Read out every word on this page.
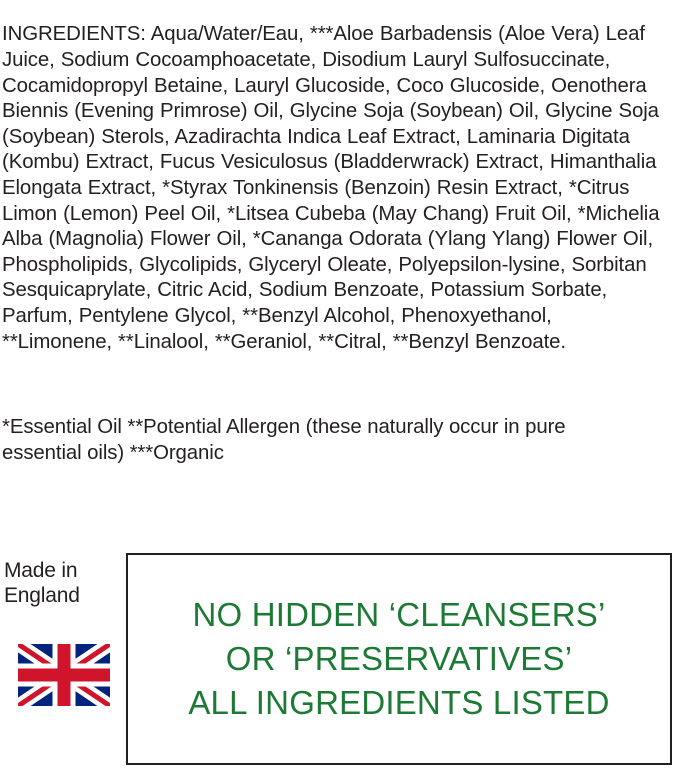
INGREDIENTS: Aqua/Water/Eau, ***Aloe Barbadensis (Aloe Vera) Leaf Juice, Sodium Cocoamphoacetate, Disodium Lauryl Sulfosuccinate, Cocamidopropyl Betaine, Lauryl Glucoside, Coco Glucoside, Oenothera Biennis (Evening Primrose) Oil, Glycine Soja (Soybean) Oil, Glycine Soja (Soybean) Sterols, Azadirachta Indica Leaf Extract, Laminaria Digitata (Kombu) Extract, Fucus Vesiculosus (Bladderwrack) Extract, Himanthalia Elongata Extract, *Styrax Tonkinensis (Benzoin) Resin Extract, *Citrus Limon (Lemon) Peel Oil, *Litsea Cubeba (May Chang) Fruit Oil, *Michelia Alba (Magnolia) Flower Oil, *Cananga Odorata (Ylang Ylang) Flower Oil, Phospholipids, Glycolipids, Glyceryl Oleate, Polyepsilon-lysine, Sorbitan Sesquicaprylate, Citric Acid, Sodium Benzoate, Potassium Sorbate, Parfum, Pentylene Glycol, **Benzyl Alcohol, Phenoxyethanol, **Limonene, **Linalool, **Geraniol, **Citral, **Benzyl Benzoate.

*Essential Oil **Potential Allergen (these naturally occur in pure essential oils) ***Organic
Made in
England
NO HIDDEN ‘CLEANSERS’
OR ‘PRESERVATIVES’
ALL INGREDIENTS LISTED
